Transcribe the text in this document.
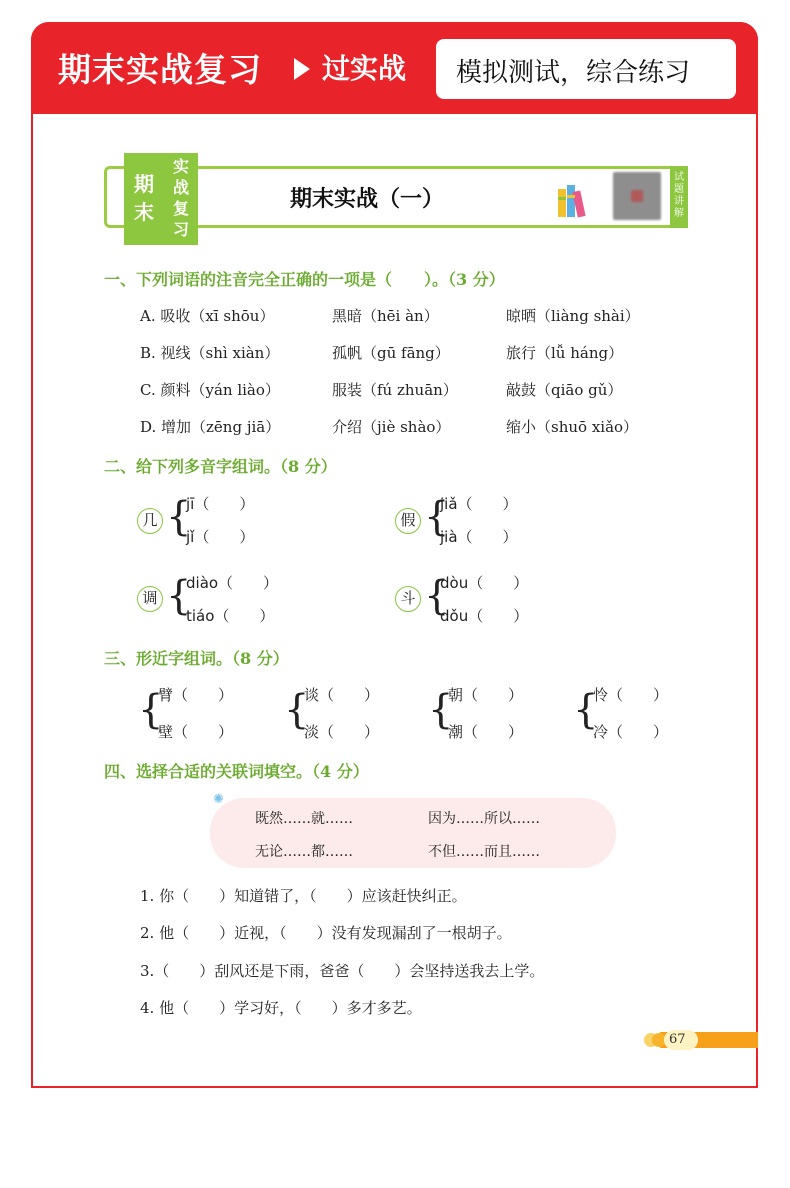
期末实战复习 过实战 模拟测试，综合练习
期
末
实
战
复
习
期末实战（一）
试
题
讲
解
一、下列词语的注音完全正确的一项是（　　）。（3 分）
A. 吸收（xī shōu）	黑暗（hēi àn）	晾晒（liàng shài）
B. 视线（shì xiàn）	孤帆（gū fāng）	旅行（lǚ háng）
C. 颜料（yán liào）	服装（fú zhuān）	敲鼓（qiāo gǔ）
D. 增加（zēng jiā）	介绍（jiè shào）	缩小（shuō xiǎo）
二、给下列多音字组词。（8 分）
几 {
jī（　　）
jǐ（　　）
假 {
jiǎ（　　）
jià（　　）
调 {
diào（　　）
tiáo（　　）
斗 {
dòu（　　）
dǒu（　　）
三、形近字组词。（8 分）
{
臂（　　）
壁（　　） {
谈（　　）
淡（　　） {
朝（　　）
潮（　　） {
怜（　　）
冷（　　）
四、选择合适的关联词填空。（4 分）
✺
既然……就……	因为……所以……
无论……都……	不但……而且……
1. 你（　　）知道错了，（　　）应该赶快纠正。
2. 他（　　）近视，（　　）没有发现漏刮了一根胡子。
3.（　　）刮风还是下雨，爸爸（　　）会坚持送我去上学。
4. 他（　　）学习好，（　　）多才多艺。
67
